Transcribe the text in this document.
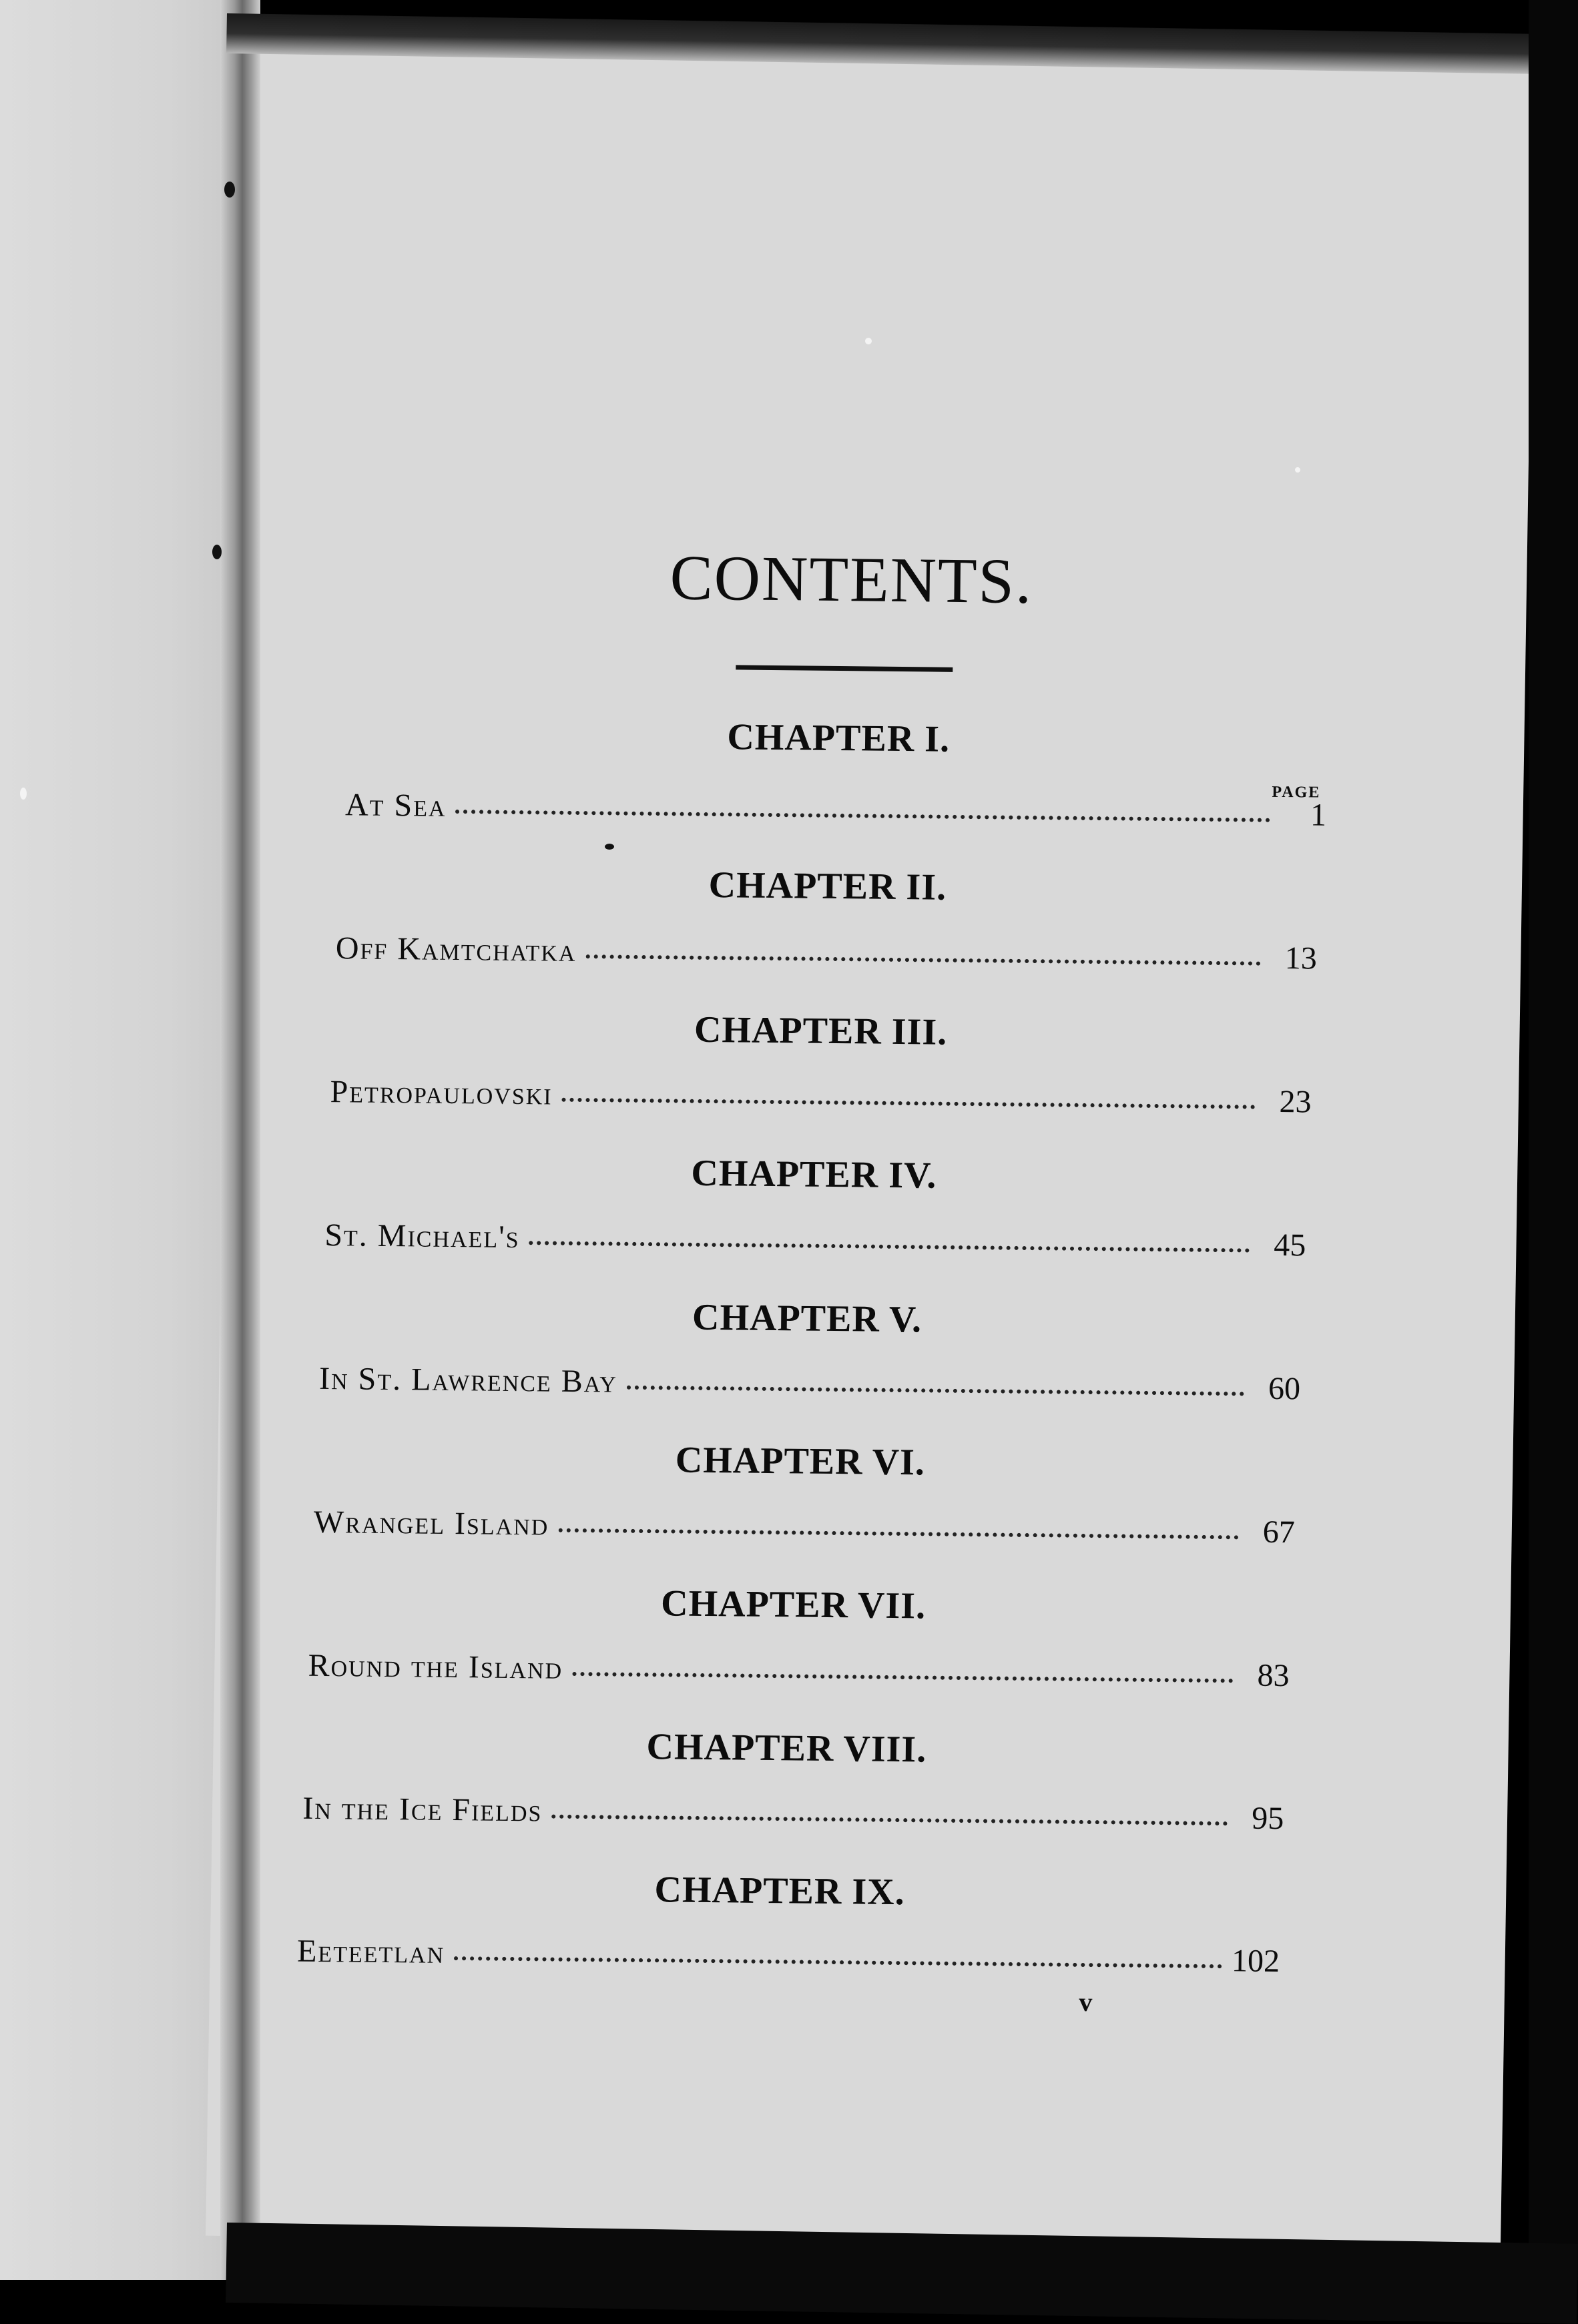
CONTENTS.
PAGE
CHAPTER I.
At Sea	1
CHAPTER II.
Off Kamtchatka	13
CHAPTER III.
Petropaulovski	23
CHAPTER IV.
St. Michael's	45
CHAPTER V.
In St. Lawrence Bay	60
CHAPTER VI.
Wrangel Island	67
CHAPTER VII.
Round the Island	83
CHAPTER VIII.
In the Ice Fields	95
CHAPTER IX.
Eeteetlan	102
v
